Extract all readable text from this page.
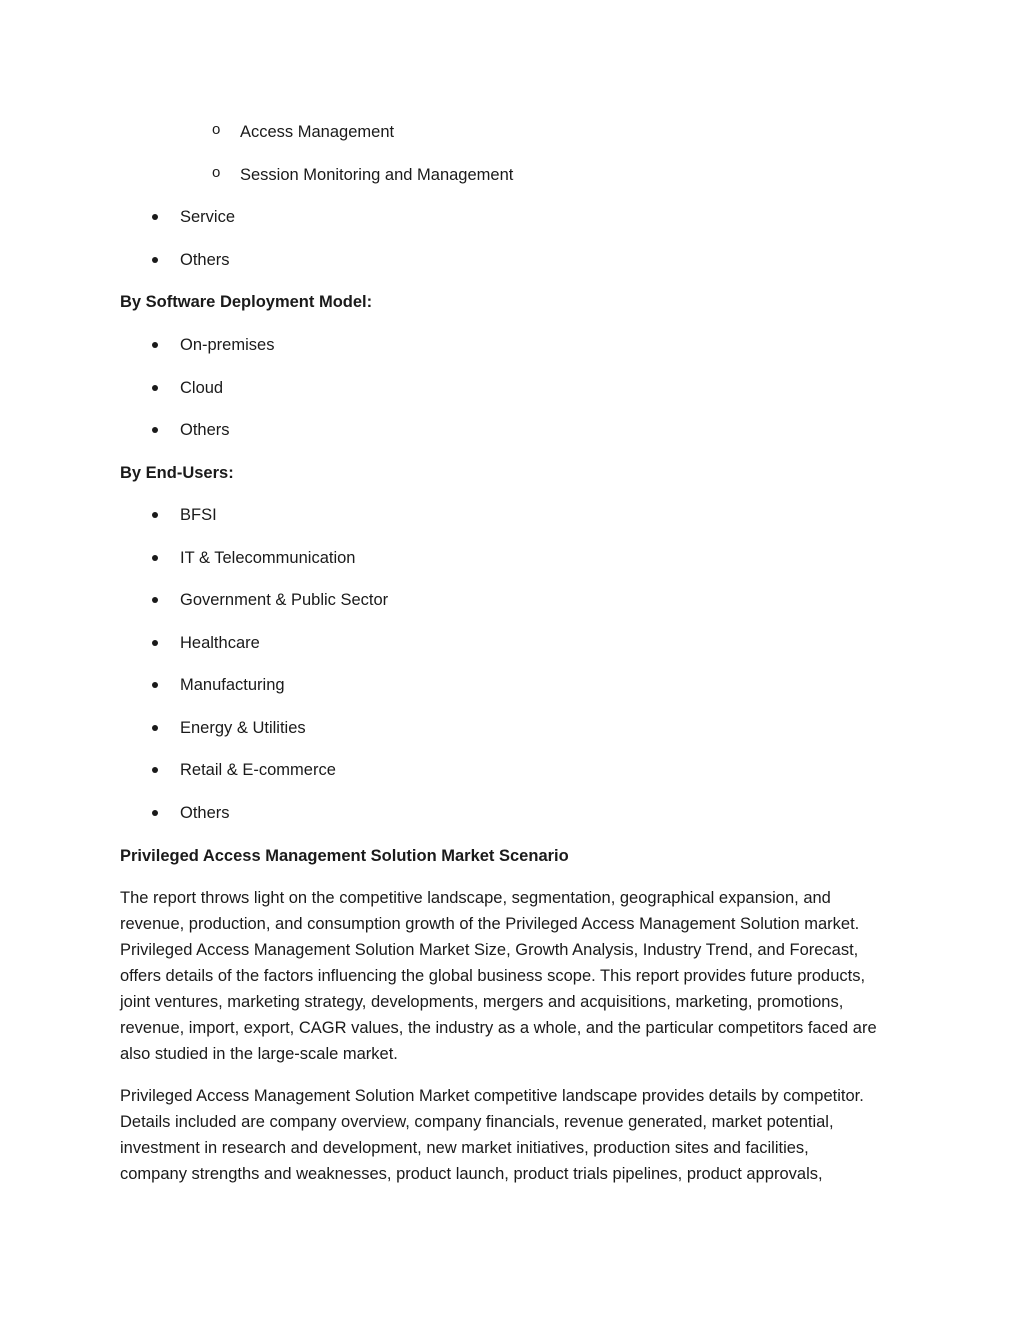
o Access Management
o Session Monitoring and Management
Service
Others
By Software Deployment Model:
On-premises
Cloud
Others
By End-Users:
BFSI
IT & Telecommunication
Government & Public Sector
Healthcare
Manufacturing
Energy & Utilities
Retail & E-commerce
Others
Privileged Access Management Solution Market Scenario
The report throws light on the competitive landscape, segmentation, geographical expansion, and
revenue, production, and consumption growth of the Privileged Access Management Solution market.
Privileged Access Management Solution Market Size, Growth Analysis, Industry Trend, and Forecast,
offers details of the factors influencing the global business scope. This report provides future products,
joint ventures, marketing strategy, developments, mergers and acquisitions, marketing, promotions,
revenue, import, export, CAGR values, the industry as a whole, and the particular competitors faced are
also studied in the large-scale market.
Privileged Access Management Solution Market competitive landscape provides details by competitor.
Details included are company overview, company financials, revenue generated, market potential,
investment in research and development, new market initiatives, production sites and facilities,
company strengths and weaknesses, product launch, product trials pipelines, product approvals,
